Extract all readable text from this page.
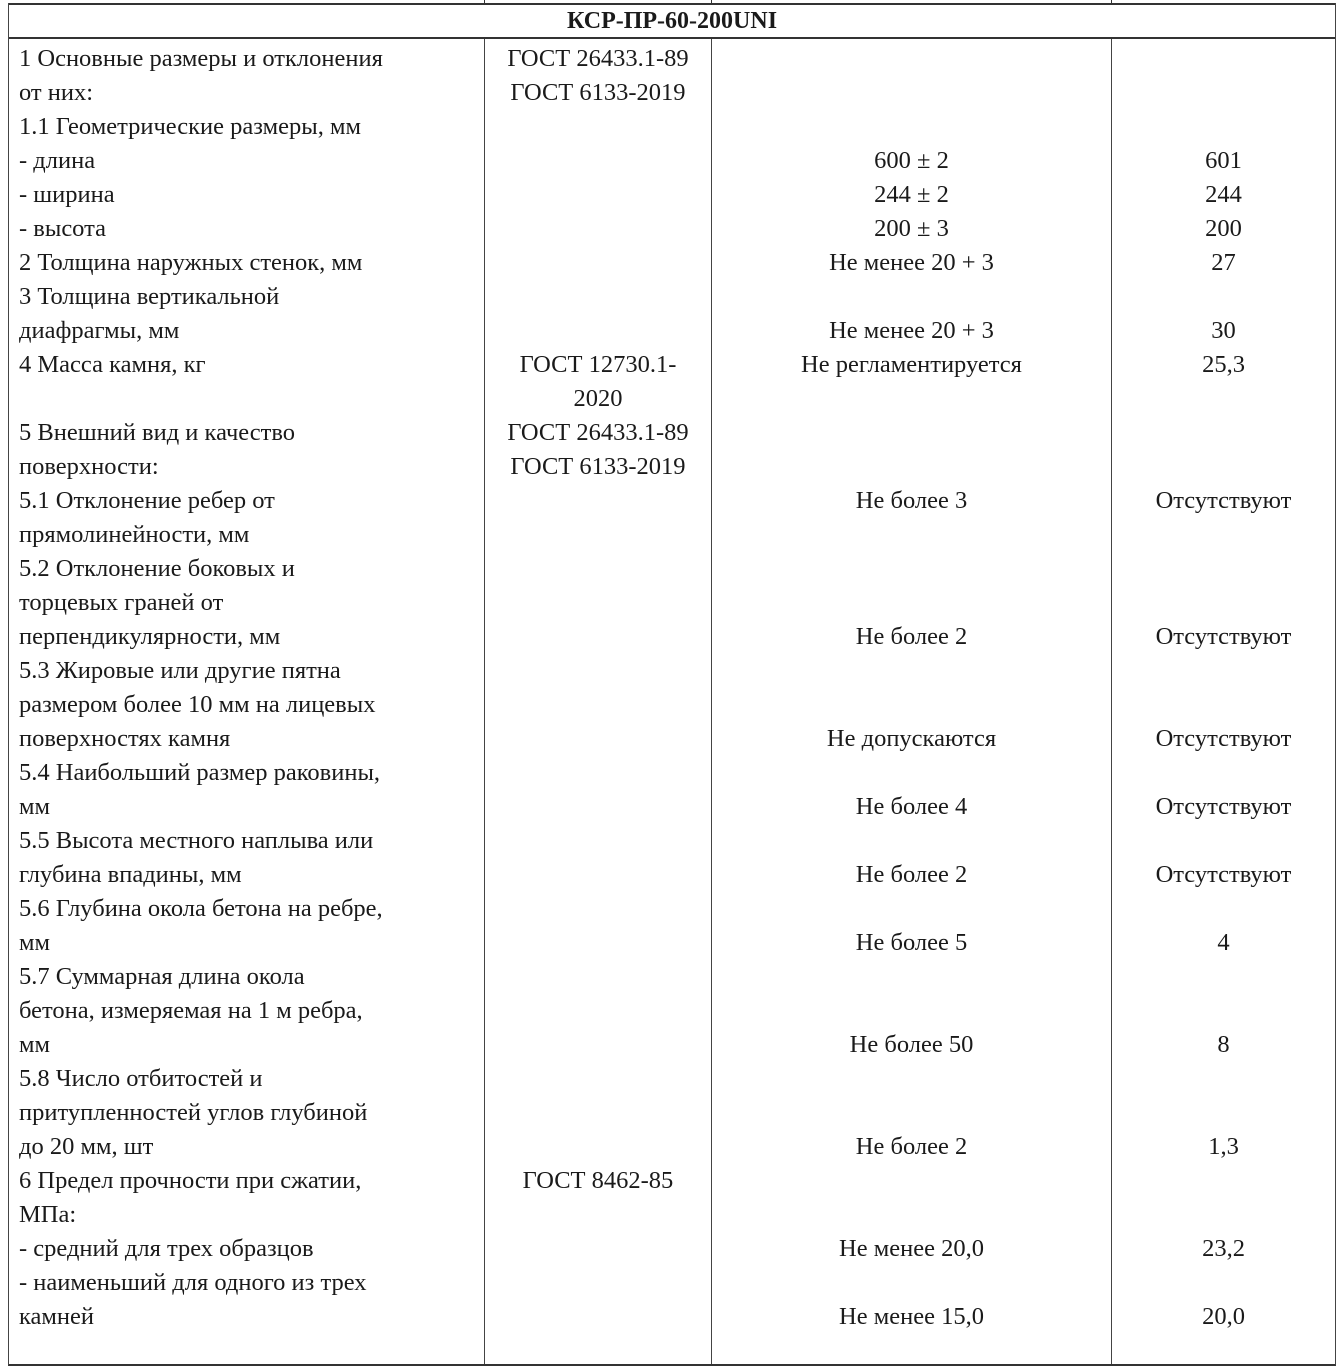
КСР-ПР-60-200UNI
1 Основные размеры и отклонения
от них:
1.1 Геометрические размеры, мм
- длина
- ширина
- высота
2 Толщина наружных стенок, мм
3 Толщина вертикальной
диафрагмы, мм
4 Масса камня, кг
5 Внешний вид и качество
поверхности:
5.1 Отклонение ребер от
прямолинейности, мм
5.2 Отклонение боковых и
торцевых граней от
перпендикулярности, мм
5.3 Жировые или другие пятна
размером более 10 мм на лицевых
поверхностях камня
5.4 Наибольший размер раковины,
мм
5.5 Высота местного наплыва или
глубина впадины, мм
5.6 Глубина окола бетона на ребре,
мм
5.7 Суммарная длина окола
бетона, измеряемая на 1 м ребра,
мм
5.8 Число отбитостей и
притупленностей углов глубиной
до 20 мм, шт
6 Предел прочности при сжатии,
МПа:
- средний для трех образцов
- наименьший для одного из трех
камней
ГОСТ 26433.1-89
ГОСТ 6133-2019
ГОСТ 12730.1-
2020
ГОСТ 26433.1-89
ГОСТ 6133-2019
ГОСТ 8462-85
600 ± 2
244 ± 2
200 ± 3
Не менее 20 + 3
Не менее 20 + 3
Не регламентируется
Не более 3
Не более 2
Не допускаются
Не более 4
Не более 2
Не более 5
Не более 50
Не более 2
Не менее 20,0
Не менее 15,0
601
244
200
27
30
25,3
Отсутствуют
Отсутствуют
Отсутствуют
Отсутствуют
Отсутствуют
4
8
1,3
23,2
20,0
